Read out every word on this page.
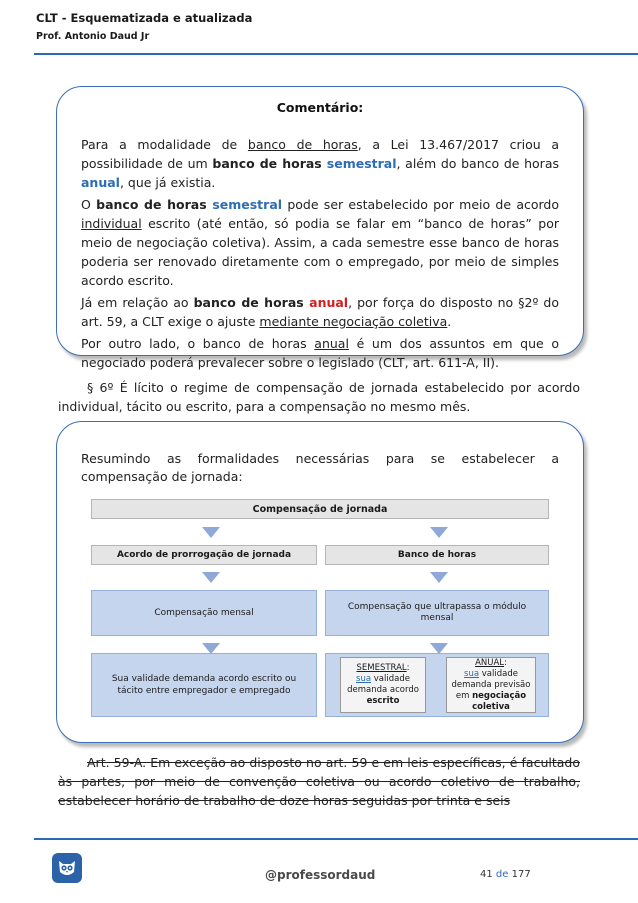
CLT - Esquematizada e atualizada
Prof. Antonio Daud Jr
Comentário:

Para a modalidade de banco de horas, a Lei 13.467/2017 criou a possibilidade de um banco de horas semestral, além do banco de horas anual, que já existia.

O banco de horas semestral pode ser estabelecido por meio de acordo individual escrito (até então, só podia se falar em “banco de horas” por meio de negociação coletiva). Assim, a cada semestre esse banco de horas poderia ser renovado diretamente com o empregado, por meio de simples acordo escrito.

Já em relação ao banco de horas anual, por força do disposto no §2º do art. 59, a CLT exige o ajuste mediante negociação coletiva.

Por outro lado, o banco de horas anual é um dos assuntos em que o negociado poderá prevalecer sobre o legislado (CLT, art. 611-A, II).

§ 6º É lícito o regime de compensação de jornada estabelecido por acordo individual, tácito ou escrito, para a compensação no mesmo mês.
Resumindo as formalidades necessárias para se estabelecer a compensação de jornada:
Compensação de jornada
Acordo de prorrogação de jornada	Banco de horas
Compensação mensal
Compensação que ultrapassa o módulo mensal
Sua validade demanda acordo escrito ou tácito entre empregador e empregado
SEMESTRAL:
sua validade demanda acordo escrito
ANUAL:
sua validade demanda previsão em negociação coletiva
Art. 59-A. Em exceção ao disposto no art. 59 e em leis específicas, é facultado às partes, por meio de convenção coletiva ou acordo coletivo de trabalho, estabelecer horário de trabalho de doze horas seguidas por trinta e seis
@professordaud	41 de 177
